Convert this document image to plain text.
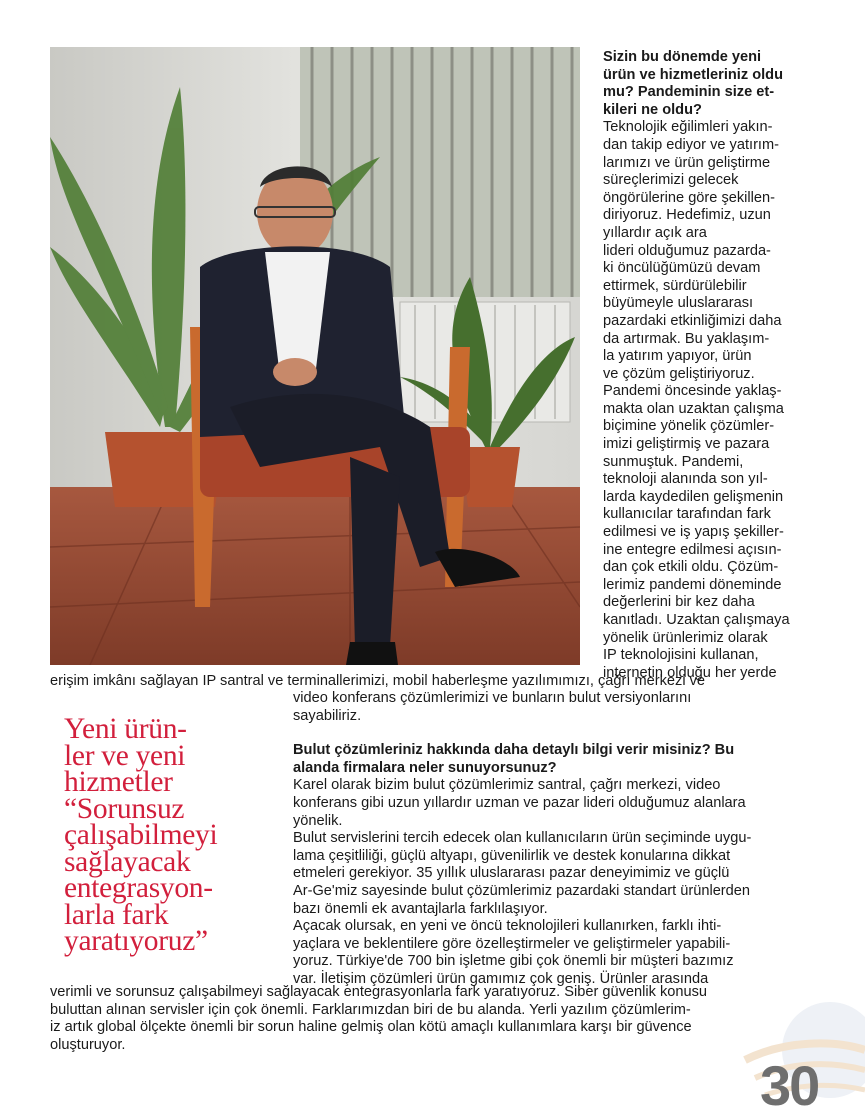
Sizin bu dönemde yeni
ürün ve hizmetleriniz oldu
mu? Pandeminin size et-
kileri ne oldu?
Teknolojik eğilimleri yakın-
dan takip ediyor ve yatırım-
larımızı ve ürün geliştirme
süreçlerimizi gelecek
öngörülerine göre şekillen-
diriyoruz. Hedefimiz, uzun
yıllardır açık ara
lideri olduğumuz pazarda-
ki öncülüğümüzü devam
ettirmek, sürdürülebilir
büyümeyle uluslararası
pazardaki etkinliğimizi daha
da artırmak. Bu yaklaşım-
la yatırım yapıyor, ürün
ve çözüm geliştiriyoruz.
Pandemi öncesinde yaklaş-
makta olan uzaktan çalışma
biçimine yönelik çözümler-
imizi geliştirmiş ve pazara
sunmuştuk. Pandemi,
teknoloji alanında son yıl-
larda kaydedilen gelişmenin
kullanıcılar tarafından fark
edilmesi ve iş yapış şekiller-
ine entegre edilmesi açısın-
dan çok etkili oldu. Çözüm-
lerimiz pandemi döneminde
değerlerini bir kez daha
kanıtladı. Uzaktan çalışmaya
yönelik ürünlerimiz olarak
IP teknolojisini kullanan,
internetin olduğu her yerde
erişim imkânı sağlayan IP santral ve terminallerimizi, mobil haberleşme yazılımımızı, çağrı merkezi ve
video konferans çözümlerimizi ve bunların bulut versiyonlarını
sayabiliriz.
Bulut çözümleriniz hakkında daha detaylı bilgi verir misiniz? Bu
alanda firmalara neler sunuyorsunuz?
Karel olarak bizim bulut çözümlerimiz santral, çağrı merkezi, video
konferans gibi uzun yıllardır uzman ve pazar lideri olduğumuz alanlara
yönelik.
Bulut servislerini tercih edecek olan kullanıcıların ürün seçiminde uygu-
lama çeşitliliği, güçlü altyapı, güvenilirlik ve destek konularına dikkat
etmeleri gerekiyor. 35 yıllık uluslararası pazar deneyimimiz ve güçlü
Ar-Ge'miz sayesinde bulut çözümlerimiz pazardaki standart ürünlerden
bazı önemli ek avantajlarla farklılaşıyor.
Açacak olursak, en yeni ve öncü teknolojileri kullanırken, farklı ihti-
yaçlara ve beklentilere göre özelleştirmeler ve geliştirmeler yapabili-
yoruz. Türkiye'de 700 bin işletme gibi çok önemli bir müşteri bazımız
var. İletişim çözümleri ürün gamımız çok geniş. Ürünler arasında
verimli ve sorunsuz çalışabilmeyi sağlayacak entegrasyonlarla fark yaratıyoruz. Siber güvenlik konusu
buluttan alınan servisler için çok önemli. Farklarımızdan biri de bu alanda. Yerli yazılım çözümlerim-
iz artık global ölçekte önemli bir sorun haline gelmiş olan kötü amaçlı kullanımlara karşı bir güvence
oluşturuyor.
Yeni ürün-
ler ve yeni
hizmetler
“Sorunsuz
çalışabilmeyi
sağlayacak
entegrasyon-
larla fark
yaratıyoruz”
30
